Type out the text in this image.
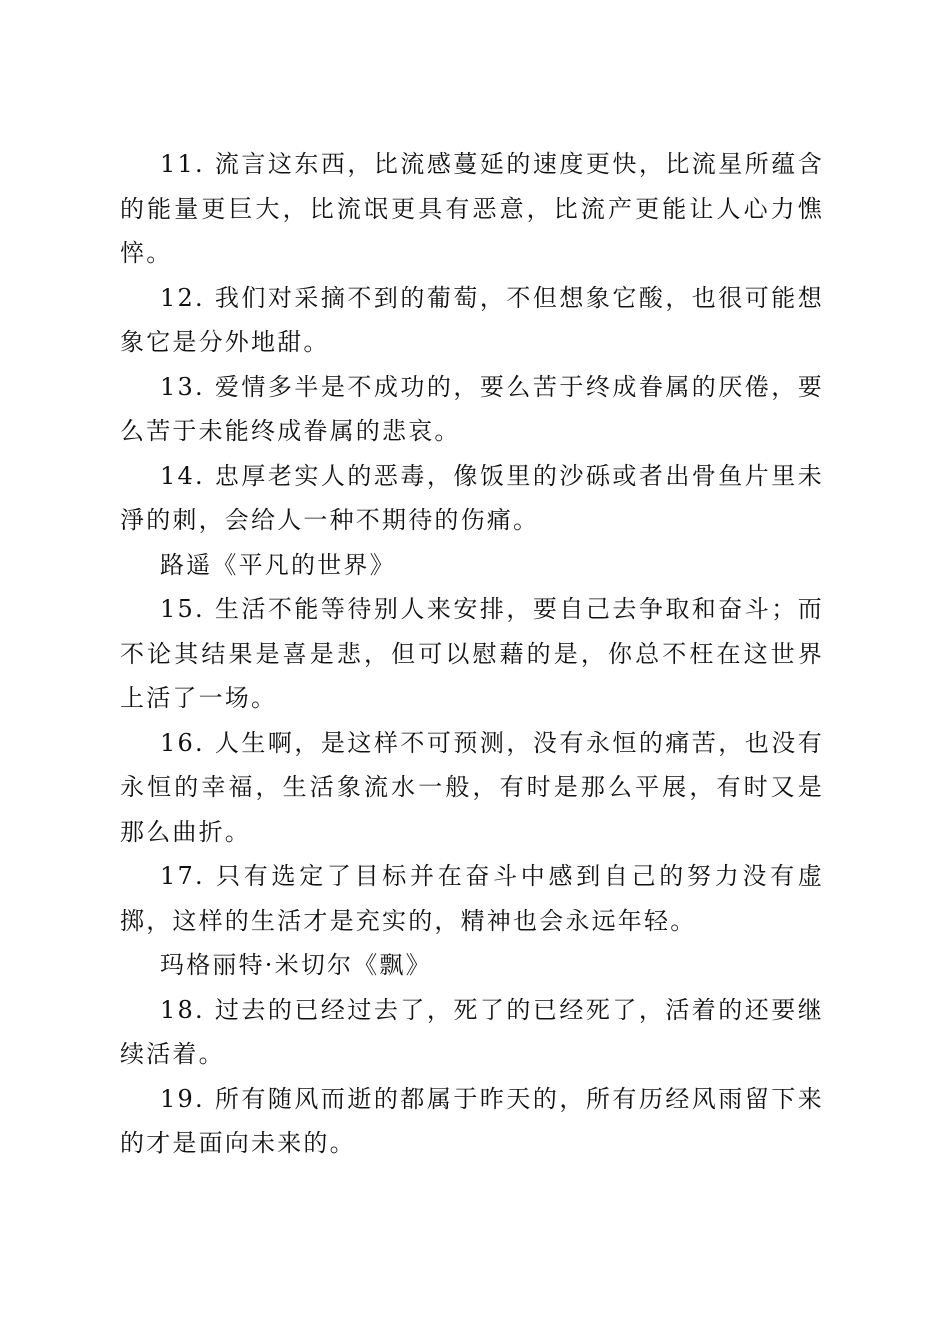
11. 流言这东西，比流感蔓延的速度更快，比流星所蕴含的能量更巨大，比流氓更具有恶意，比流产更能让人心力憔悴。

12. 我们对采摘不到的葡萄，不但想象它酸，也很可能想象它是分外地甜。

13. 爱情多半是不成功的，要么苦于终成眷属的厌倦，要么苦于未能终成眷属的悲哀。

14. 忠厚老实人的恶毒，像饭里的沙砾或者出骨鱼片里未淨的刺，会给人一种不期待的伤痛。

路遥《平凡的世界》

15. 生活不能等待别人来安排，要自己去争取和奋斗；而不论其结果是喜是悲，但可以慰藉的是，你总不枉在这世界上活了一场。

16. 人生啊，是这样不可预测，没有永恒的痛苦，也没有永恒的幸福，生活象流水一般，有时是那么平展，有时又是那么曲折。

17. 只有选定了目标并在奋斗中感到自己的努力没有虚掷，这样的生活才是充实的，精神也会永远年轻。

玛格丽特·米切尔《飘》

18. 过去的已经过去了，死了的已经死了，活着的还要继续活着。

19. 所有随风而逝的都属于昨天的，所有历经风雨留下来的才是面向未来的。
